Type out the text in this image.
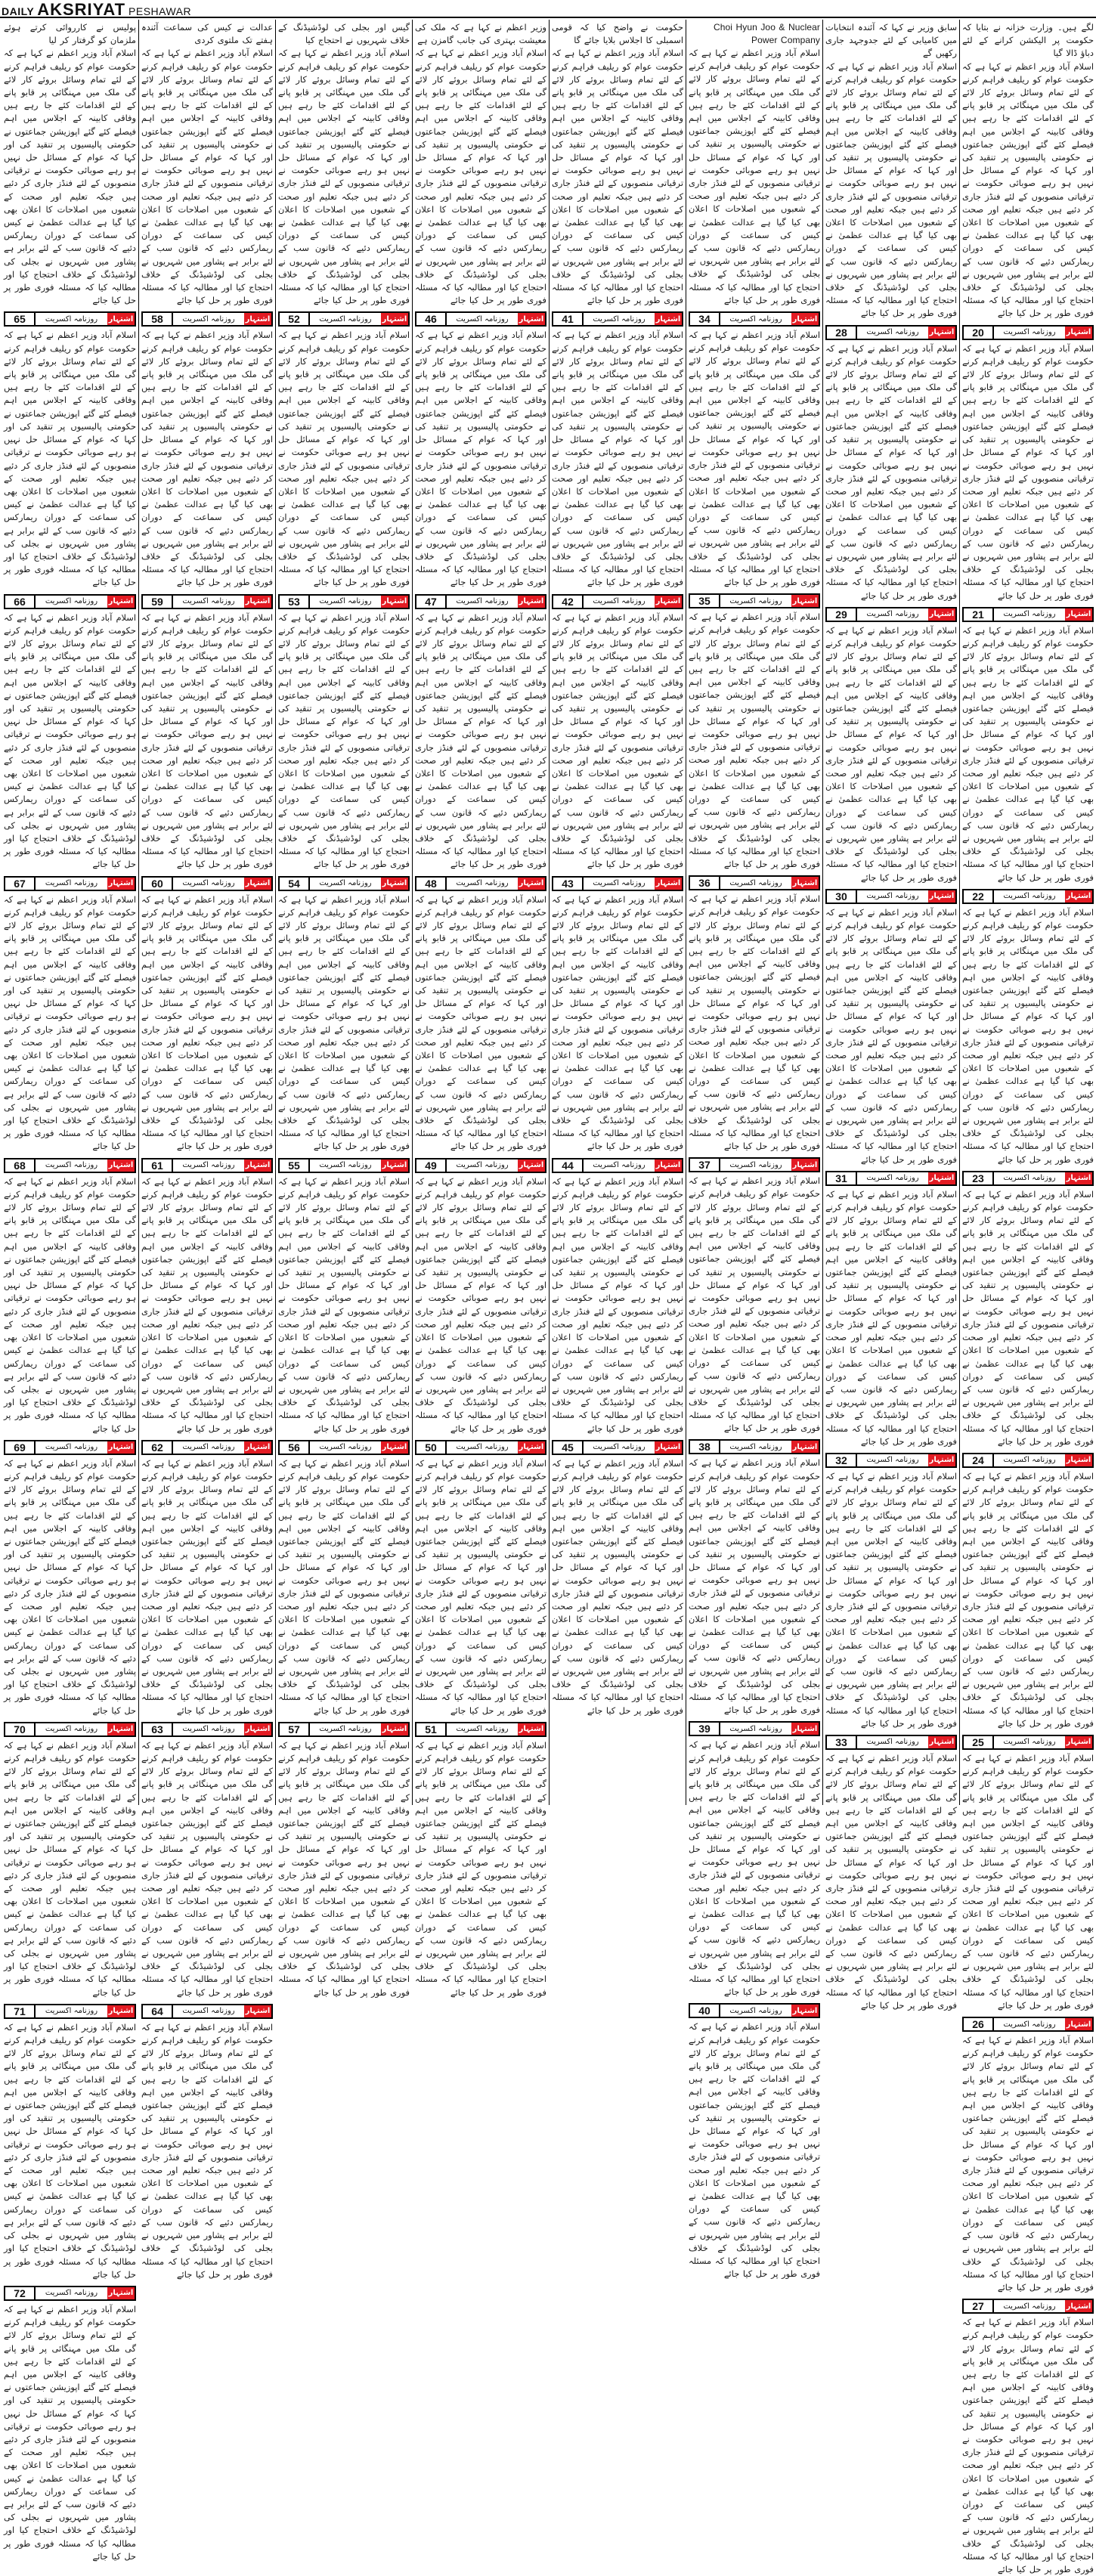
DAILY AKSRIYAT PESHAWAR
لگے ہیں۔ وزارت خزانہ نے بتایا کہ حکومت پر الیکشن کرانے کے لئے دباؤ ڈالا گیا
اسلام آباد وزیر اعظم نے کہا ہے کہ حکومت عوام کو ریلیف فراہم کرنے کے لئے تمام وسائل بروئے کار لائے گی ملک میں مہنگائی پر قابو پانے کے لئے اقدامات کئے جا رہے ہیں وفاقی کابینہ کے اجلاس میں اہم فیصلے کئے گئے اپوزیشن جماعتوں نے حکومتی پالیسیوں پر تنقید کی اور کہا کہ عوام کے مسائل حل نہیں ہو رہے صوبائی حکومت نے ترقیاتی منصوبوں کے لئے فنڈز جاری کر دئیے ہیں جبکہ تعلیم اور صحت کے شعبوں میں اصلاحات کا اعلان بھی کیا گیا ہے عدالت عظمیٰ نے کیس کی سماعت کے دوران ریمارکس دئیے کہ قانون سب کے لئے برابر ہے پشاور میں شہریوں نے بجلی کی لوڈشیڈنگ کے خلاف احتجاج کیا اور مطالبہ کیا کہ مسئلہ فوری طور پر حل کیا جائے
20	روزنامہ اکسریت	اشتہار
اسلام آباد وزیر اعظم نے کہا ہے کہ حکومت عوام کو ریلیف فراہم کرنے کے لئے تمام وسائل بروئے کار لائے گی ملک میں مہنگائی پر قابو پانے کے لئے اقدامات کئے جا رہے ہیں وفاقی کابینہ کے اجلاس میں اہم فیصلے کئے گئے اپوزیشن جماعتوں نے حکومتی پالیسیوں پر تنقید کی اور کہا کہ عوام کے مسائل حل نہیں ہو رہے صوبائی حکومت نے ترقیاتی منصوبوں کے لئے فنڈز جاری کر دئیے ہیں جبکہ تعلیم اور صحت کے شعبوں میں اصلاحات کا اعلان بھی کیا گیا ہے عدالت عظمیٰ نے کیس کی سماعت کے دوران ریمارکس دئیے کہ قانون سب کے لئے برابر ہے پشاور میں شہریوں نے بجلی کی لوڈشیڈنگ کے خلاف احتجاج کیا اور مطالبہ کیا کہ مسئلہ فوری طور پر حل کیا جائے
21	روزنامہ اکسریت	اشتہار
اسلام آباد وزیر اعظم نے کہا ہے کہ حکومت عوام کو ریلیف فراہم کرنے کے لئے تمام وسائل بروئے کار لائے گی ملک میں مہنگائی پر قابو پانے کے لئے اقدامات کئے جا رہے ہیں وفاقی کابینہ کے اجلاس میں اہم فیصلے کئے گئے اپوزیشن جماعتوں نے حکومتی پالیسیوں پر تنقید کی اور کہا کہ عوام کے مسائل حل نہیں ہو رہے صوبائی حکومت نے ترقیاتی منصوبوں کے لئے فنڈز جاری کر دئیے ہیں جبکہ تعلیم اور صحت کے شعبوں میں اصلاحات کا اعلان بھی کیا گیا ہے عدالت عظمیٰ نے کیس کی سماعت کے دوران ریمارکس دئیے کہ قانون سب کے لئے برابر ہے پشاور میں شہریوں نے بجلی کی لوڈشیڈنگ کے خلاف احتجاج کیا اور مطالبہ کیا کہ مسئلہ فوری طور پر حل کیا جائے
22	روزنامہ اکسریت	اشتہار
اسلام آباد وزیر اعظم نے کہا ہے کہ حکومت عوام کو ریلیف فراہم کرنے کے لئے تمام وسائل بروئے کار لائے گی ملک میں مہنگائی پر قابو پانے کے لئے اقدامات کئے جا رہے ہیں وفاقی کابینہ کے اجلاس میں اہم فیصلے کئے گئے اپوزیشن جماعتوں نے حکومتی پالیسیوں پر تنقید کی اور کہا کہ عوام کے مسائل حل نہیں ہو رہے صوبائی حکومت نے ترقیاتی منصوبوں کے لئے فنڈز جاری کر دئیے ہیں جبکہ تعلیم اور صحت کے شعبوں میں اصلاحات کا اعلان بھی کیا گیا ہے عدالت عظمیٰ نے کیس کی سماعت کے دوران ریمارکس دئیے کہ قانون سب کے لئے برابر ہے پشاور میں شہریوں نے بجلی کی لوڈشیڈنگ کے خلاف احتجاج کیا اور مطالبہ کیا کہ مسئلہ فوری طور پر حل کیا جائے
23	روزنامہ اکسریت	اشتہار
اسلام آباد وزیر اعظم نے کہا ہے کہ حکومت عوام کو ریلیف فراہم کرنے کے لئے تمام وسائل بروئے کار لائے گی ملک میں مہنگائی پر قابو پانے کے لئے اقدامات کئے جا رہے ہیں وفاقی کابینہ کے اجلاس میں اہم فیصلے کئے گئے اپوزیشن جماعتوں نے حکومتی پالیسیوں پر تنقید کی اور کہا کہ عوام کے مسائل حل نہیں ہو رہے صوبائی حکومت نے ترقیاتی منصوبوں کے لئے فنڈز جاری کر دئیے ہیں جبکہ تعلیم اور صحت کے شعبوں میں اصلاحات کا اعلان بھی کیا گیا ہے عدالت عظمیٰ نے کیس کی سماعت کے دوران ریمارکس دئیے کہ قانون سب کے لئے برابر ہے پشاور میں شہریوں نے بجلی کی لوڈشیڈنگ کے خلاف احتجاج کیا اور مطالبہ کیا کہ مسئلہ فوری طور پر حل کیا جائے
24	روزنامہ اکسریت	اشتہار
اسلام آباد وزیر اعظم نے کہا ہے کہ حکومت عوام کو ریلیف فراہم کرنے کے لئے تمام وسائل بروئے کار لائے گی ملک میں مہنگائی پر قابو پانے کے لئے اقدامات کئے جا رہے ہیں وفاقی کابینہ کے اجلاس میں اہم فیصلے کئے گئے اپوزیشن جماعتوں نے حکومتی پالیسیوں پر تنقید کی اور کہا کہ عوام کے مسائل حل نہیں ہو رہے صوبائی حکومت نے ترقیاتی منصوبوں کے لئے فنڈز جاری کر دئیے ہیں جبکہ تعلیم اور صحت کے شعبوں میں اصلاحات کا اعلان بھی کیا گیا ہے عدالت عظمیٰ نے کیس کی سماعت کے دوران ریمارکس دئیے کہ قانون سب کے لئے برابر ہے پشاور میں شہریوں نے بجلی کی لوڈشیڈنگ کے خلاف احتجاج کیا اور مطالبہ کیا کہ مسئلہ فوری طور پر حل کیا جائے
25	روزنامہ اکسریت	اشتہار
اسلام آباد وزیر اعظم نے کہا ہے کہ حکومت عوام کو ریلیف فراہم کرنے کے لئے تمام وسائل بروئے کار لائے گی ملک میں مہنگائی پر قابو پانے کے لئے اقدامات کئے جا رہے ہیں وفاقی کابینہ کے اجلاس میں اہم فیصلے کئے گئے اپوزیشن جماعتوں نے حکومتی پالیسیوں پر تنقید کی اور کہا کہ عوام کے مسائل حل نہیں ہو رہے صوبائی حکومت نے ترقیاتی منصوبوں کے لئے فنڈز جاری کر دئیے ہیں جبکہ تعلیم اور صحت کے شعبوں میں اصلاحات کا اعلان بھی کیا گیا ہے عدالت عظمیٰ نے کیس کی سماعت کے دوران ریمارکس دئیے کہ قانون سب کے لئے برابر ہے پشاور میں شہریوں نے بجلی کی لوڈشیڈنگ کے خلاف احتجاج کیا اور مطالبہ کیا کہ مسئلہ فوری طور پر حل کیا جائے
26	روزنامہ اکسریت	اشتہار
اسلام آباد وزیر اعظم نے کہا ہے کہ حکومت عوام کو ریلیف فراہم کرنے کے لئے تمام وسائل بروئے کار لائے گی ملک میں مہنگائی پر قابو پانے کے لئے اقدامات کئے جا رہے ہیں وفاقی کابینہ کے اجلاس میں اہم فیصلے کئے گئے اپوزیشن جماعتوں نے حکومتی پالیسیوں پر تنقید کی اور کہا کہ عوام کے مسائل حل نہیں ہو رہے صوبائی حکومت نے ترقیاتی منصوبوں کے لئے فنڈز جاری کر دئیے ہیں جبکہ تعلیم اور صحت کے شعبوں میں اصلاحات کا اعلان بھی کیا گیا ہے عدالت عظمیٰ نے کیس کی سماعت کے دوران ریمارکس دئیے کہ قانون سب کے لئے برابر ہے پشاور میں شہریوں نے بجلی کی لوڈشیڈنگ کے خلاف احتجاج کیا اور مطالبہ کیا کہ مسئلہ فوری طور پر حل کیا جائے
27	روزنامہ اکسریت	اشتہار
اسلام آباد وزیر اعظم نے کہا ہے کہ حکومت عوام کو ریلیف فراہم کرنے کے لئے تمام وسائل بروئے کار لائے گی ملک میں مہنگائی پر قابو پانے کے لئے اقدامات کئے جا رہے ہیں وفاقی کابینہ کے اجلاس میں اہم فیصلے کئے گئے اپوزیشن جماعتوں نے حکومتی پالیسیوں پر تنقید کی اور کہا کہ عوام کے مسائل حل نہیں ہو رہے صوبائی حکومت نے ترقیاتی منصوبوں کے لئے فنڈز جاری کر دئیے ہیں جبکہ تعلیم اور صحت کے شعبوں میں اصلاحات کا اعلان بھی کیا گیا ہے عدالت عظمیٰ نے کیس کی سماعت کے دوران ریمارکس دئیے کہ قانون سب کے لئے برابر ہے پشاور میں شہریوں نے بجلی کی لوڈشیڈنگ کے خلاف احتجاج کیا اور مطالبہ کیا کہ مسئلہ فوری طور پر حل کیا جائے
سابق وزیر نے کہا کہ آئندہ انتخابات میں کامیابی کے لئے جدوجہد جاری رکھیں گے
اسلام آباد وزیر اعظم نے کہا ہے کہ حکومت عوام کو ریلیف فراہم کرنے کے لئے تمام وسائل بروئے کار لائے گی ملک میں مہنگائی پر قابو پانے کے لئے اقدامات کئے جا رہے ہیں وفاقی کابینہ کے اجلاس میں اہم فیصلے کئے گئے اپوزیشن جماعتوں نے حکومتی پالیسیوں پر تنقید کی اور کہا کہ عوام کے مسائل حل نہیں ہو رہے صوبائی حکومت نے ترقیاتی منصوبوں کے لئے فنڈز جاری کر دئیے ہیں جبکہ تعلیم اور صحت کے شعبوں میں اصلاحات کا اعلان بھی کیا گیا ہے عدالت عظمیٰ نے کیس کی سماعت کے دوران ریمارکس دئیے کہ قانون سب کے لئے برابر ہے پشاور میں شہریوں نے بجلی کی لوڈشیڈنگ کے خلاف احتجاج کیا اور مطالبہ کیا کہ مسئلہ فوری طور پر حل کیا جائے
28	روزنامہ اکسریت	اشتہار
اسلام آباد وزیر اعظم نے کہا ہے کہ حکومت عوام کو ریلیف فراہم کرنے کے لئے تمام وسائل بروئے کار لائے گی ملک میں مہنگائی پر قابو پانے کے لئے اقدامات کئے جا رہے ہیں وفاقی کابینہ کے اجلاس میں اہم فیصلے کئے گئے اپوزیشن جماعتوں نے حکومتی پالیسیوں پر تنقید کی اور کہا کہ عوام کے مسائل حل نہیں ہو رہے صوبائی حکومت نے ترقیاتی منصوبوں کے لئے فنڈز جاری کر دئیے ہیں جبکہ تعلیم اور صحت کے شعبوں میں اصلاحات کا اعلان بھی کیا گیا ہے عدالت عظمیٰ نے کیس کی سماعت کے دوران ریمارکس دئیے کہ قانون سب کے لئے برابر ہے پشاور میں شہریوں نے بجلی کی لوڈشیڈنگ کے خلاف احتجاج کیا اور مطالبہ کیا کہ مسئلہ فوری طور پر حل کیا جائے
29	روزنامہ اکسریت	اشتہار
اسلام آباد وزیر اعظم نے کہا ہے کہ حکومت عوام کو ریلیف فراہم کرنے کے لئے تمام وسائل بروئے کار لائے گی ملک میں مہنگائی پر قابو پانے کے لئے اقدامات کئے جا رہے ہیں وفاقی کابینہ کے اجلاس میں اہم فیصلے کئے گئے اپوزیشن جماعتوں نے حکومتی پالیسیوں پر تنقید کی اور کہا کہ عوام کے مسائل حل نہیں ہو رہے صوبائی حکومت نے ترقیاتی منصوبوں کے لئے فنڈز جاری کر دئیے ہیں جبکہ تعلیم اور صحت کے شعبوں میں اصلاحات کا اعلان بھی کیا گیا ہے عدالت عظمیٰ نے کیس کی سماعت کے دوران ریمارکس دئیے کہ قانون سب کے لئے برابر ہے پشاور میں شہریوں نے بجلی کی لوڈشیڈنگ کے خلاف احتجاج کیا اور مطالبہ کیا کہ مسئلہ فوری طور پر حل کیا جائے
30	روزنامہ اکسریت	اشتہار
اسلام آباد وزیر اعظم نے کہا ہے کہ حکومت عوام کو ریلیف فراہم کرنے کے لئے تمام وسائل بروئے کار لائے گی ملک میں مہنگائی پر قابو پانے کے لئے اقدامات کئے جا رہے ہیں وفاقی کابینہ کے اجلاس میں اہم فیصلے کئے گئے اپوزیشن جماعتوں نے حکومتی پالیسیوں پر تنقید کی اور کہا کہ عوام کے مسائل حل نہیں ہو رہے صوبائی حکومت نے ترقیاتی منصوبوں کے لئے فنڈز جاری کر دئیے ہیں جبکہ تعلیم اور صحت کے شعبوں میں اصلاحات کا اعلان بھی کیا گیا ہے عدالت عظمیٰ نے کیس کی سماعت کے دوران ریمارکس دئیے کہ قانون سب کے لئے برابر ہے پشاور میں شہریوں نے بجلی کی لوڈشیڈنگ کے خلاف احتجاج کیا اور مطالبہ کیا کہ مسئلہ فوری طور پر حل کیا جائے
31	روزنامہ اکسریت	اشتہار
اسلام آباد وزیر اعظم نے کہا ہے کہ حکومت عوام کو ریلیف فراہم کرنے کے لئے تمام وسائل بروئے کار لائے گی ملک میں مہنگائی پر قابو پانے کے لئے اقدامات کئے جا رہے ہیں وفاقی کابینہ کے اجلاس میں اہم فیصلے کئے گئے اپوزیشن جماعتوں نے حکومتی پالیسیوں پر تنقید کی اور کہا کہ عوام کے مسائل حل نہیں ہو رہے صوبائی حکومت نے ترقیاتی منصوبوں کے لئے فنڈز جاری کر دئیے ہیں جبکہ تعلیم اور صحت کے شعبوں میں اصلاحات کا اعلان بھی کیا گیا ہے عدالت عظمیٰ نے کیس کی سماعت کے دوران ریمارکس دئیے کہ قانون سب کے لئے برابر ہے پشاور میں شہریوں نے بجلی کی لوڈشیڈنگ کے خلاف احتجاج کیا اور مطالبہ کیا کہ مسئلہ فوری طور پر حل کیا جائے
32	روزنامہ اکسریت	اشتہار
اسلام آباد وزیر اعظم نے کہا ہے کہ حکومت عوام کو ریلیف فراہم کرنے کے لئے تمام وسائل بروئے کار لائے گی ملک میں مہنگائی پر قابو پانے کے لئے اقدامات کئے جا رہے ہیں وفاقی کابینہ کے اجلاس میں اہم فیصلے کئے گئے اپوزیشن جماعتوں نے حکومتی پالیسیوں پر تنقید کی اور کہا کہ عوام کے مسائل حل نہیں ہو رہے صوبائی حکومت نے ترقیاتی منصوبوں کے لئے فنڈز جاری کر دئیے ہیں جبکہ تعلیم اور صحت کے شعبوں میں اصلاحات کا اعلان بھی کیا گیا ہے عدالت عظمیٰ نے کیس کی سماعت کے دوران ریمارکس دئیے کہ قانون سب کے لئے برابر ہے پشاور میں شہریوں نے بجلی کی لوڈشیڈنگ کے خلاف احتجاج کیا اور مطالبہ کیا کہ مسئلہ فوری طور پر حل کیا جائے
33	روزنامہ اکسریت	اشتہار
اسلام آباد وزیر اعظم نے کہا ہے کہ حکومت عوام کو ریلیف فراہم کرنے کے لئے تمام وسائل بروئے کار لائے گی ملک میں مہنگائی پر قابو پانے کے لئے اقدامات کئے جا رہے ہیں وفاقی کابینہ کے اجلاس میں اہم فیصلے کئے گئے اپوزیشن جماعتوں نے حکومتی پالیسیوں پر تنقید کی اور کہا کہ عوام کے مسائل حل نہیں ہو رہے صوبائی حکومت نے ترقیاتی منصوبوں کے لئے فنڈز جاری کر دئیے ہیں جبکہ تعلیم اور صحت کے شعبوں میں اصلاحات کا اعلان بھی کیا گیا ہے عدالت عظمیٰ نے کیس کی سماعت کے دوران ریمارکس دئیے کہ قانون سب کے لئے برابر ہے پشاور میں شہریوں نے بجلی کی لوڈشیڈنگ کے خلاف احتجاج کیا اور مطالبہ کیا کہ مسئلہ فوری طور پر حل کیا جائے
Choi Hyun Joo & Nuclear Power Company
اسلام آباد وزیر اعظم نے کہا ہے کہ حکومت عوام کو ریلیف فراہم کرنے کے لئے تمام وسائل بروئے کار لائے گی ملک میں مہنگائی پر قابو پانے کے لئے اقدامات کئے جا رہے ہیں وفاقی کابینہ کے اجلاس میں اہم فیصلے کئے گئے اپوزیشن جماعتوں نے حکومتی پالیسیوں پر تنقید کی اور کہا کہ عوام کے مسائل حل نہیں ہو رہے صوبائی حکومت نے ترقیاتی منصوبوں کے لئے فنڈز جاری کر دئیے ہیں جبکہ تعلیم اور صحت کے شعبوں میں اصلاحات کا اعلان بھی کیا گیا ہے عدالت عظمیٰ نے کیس کی سماعت کے دوران ریمارکس دئیے کہ قانون سب کے لئے برابر ہے پشاور میں شہریوں نے بجلی کی لوڈشیڈنگ کے خلاف احتجاج کیا اور مطالبہ کیا کہ مسئلہ فوری طور پر حل کیا جائے
34	روزنامہ اکسریت	اشتہار
اسلام آباد وزیر اعظم نے کہا ہے کہ حکومت عوام کو ریلیف فراہم کرنے کے لئے تمام وسائل بروئے کار لائے گی ملک میں مہنگائی پر قابو پانے کے لئے اقدامات کئے جا رہے ہیں وفاقی کابینہ کے اجلاس میں اہم فیصلے کئے گئے اپوزیشن جماعتوں نے حکومتی پالیسیوں پر تنقید کی اور کہا کہ عوام کے مسائل حل نہیں ہو رہے صوبائی حکومت نے ترقیاتی منصوبوں کے لئے فنڈز جاری کر دئیے ہیں جبکہ تعلیم اور صحت کے شعبوں میں اصلاحات کا اعلان بھی کیا گیا ہے عدالت عظمیٰ نے کیس کی سماعت کے دوران ریمارکس دئیے کہ قانون سب کے لئے برابر ہے پشاور میں شہریوں نے بجلی کی لوڈشیڈنگ کے خلاف احتجاج کیا اور مطالبہ کیا کہ مسئلہ فوری طور پر حل کیا جائے
35	روزنامہ اکسریت	اشتہار
اسلام آباد وزیر اعظم نے کہا ہے کہ حکومت عوام کو ریلیف فراہم کرنے کے لئے تمام وسائل بروئے کار لائے گی ملک میں مہنگائی پر قابو پانے کے لئے اقدامات کئے جا رہے ہیں وفاقی کابینہ کے اجلاس میں اہم فیصلے کئے گئے اپوزیشن جماعتوں نے حکومتی پالیسیوں پر تنقید کی اور کہا کہ عوام کے مسائل حل نہیں ہو رہے صوبائی حکومت نے ترقیاتی منصوبوں کے لئے فنڈز جاری کر دئیے ہیں جبکہ تعلیم اور صحت کے شعبوں میں اصلاحات کا اعلان بھی کیا گیا ہے عدالت عظمیٰ نے کیس کی سماعت کے دوران ریمارکس دئیے کہ قانون سب کے لئے برابر ہے پشاور میں شہریوں نے بجلی کی لوڈشیڈنگ کے خلاف احتجاج کیا اور مطالبہ کیا کہ مسئلہ فوری طور پر حل کیا جائے
36	روزنامہ اکسریت	اشتہار
اسلام آباد وزیر اعظم نے کہا ہے کہ حکومت عوام کو ریلیف فراہم کرنے کے لئے تمام وسائل بروئے کار لائے گی ملک میں مہنگائی پر قابو پانے کے لئے اقدامات کئے جا رہے ہیں وفاقی کابینہ کے اجلاس میں اہم فیصلے کئے گئے اپوزیشن جماعتوں نے حکومتی پالیسیوں پر تنقید کی اور کہا کہ عوام کے مسائل حل نہیں ہو رہے صوبائی حکومت نے ترقیاتی منصوبوں کے لئے فنڈز جاری کر دئیے ہیں جبکہ تعلیم اور صحت کے شعبوں میں اصلاحات کا اعلان بھی کیا گیا ہے عدالت عظمیٰ نے کیس کی سماعت کے دوران ریمارکس دئیے کہ قانون سب کے لئے برابر ہے پشاور میں شہریوں نے بجلی کی لوڈشیڈنگ کے خلاف احتجاج کیا اور مطالبہ کیا کہ مسئلہ فوری طور پر حل کیا جائے
37	روزنامہ اکسریت	اشتہار
اسلام آباد وزیر اعظم نے کہا ہے کہ حکومت عوام کو ریلیف فراہم کرنے کے لئے تمام وسائل بروئے کار لائے گی ملک میں مہنگائی پر قابو پانے کے لئے اقدامات کئے جا رہے ہیں وفاقی کابینہ کے اجلاس میں اہم فیصلے کئے گئے اپوزیشن جماعتوں نے حکومتی پالیسیوں پر تنقید کی اور کہا کہ عوام کے مسائل حل نہیں ہو رہے صوبائی حکومت نے ترقیاتی منصوبوں کے لئے فنڈز جاری کر دئیے ہیں جبکہ تعلیم اور صحت کے شعبوں میں اصلاحات کا اعلان بھی کیا گیا ہے عدالت عظمیٰ نے کیس کی سماعت کے دوران ریمارکس دئیے کہ قانون سب کے لئے برابر ہے پشاور میں شہریوں نے بجلی کی لوڈشیڈنگ کے خلاف احتجاج کیا اور مطالبہ کیا کہ مسئلہ فوری طور پر حل کیا جائے
38	روزنامہ اکسریت	اشتہار
اسلام آباد وزیر اعظم نے کہا ہے کہ حکومت عوام کو ریلیف فراہم کرنے کے لئے تمام وسائل بروئے کار لائے گی ملک میں مہنگائی پر قابو پانے کے لئے اقدامات کئے جا رہے ہیں وفاقی کابینہ کے اجلاس میں اہم فیصلے کئے گئے اپوزیشن جماعتوں نے حکومتی پالیسیوں پر تنقید کی اور کہا کہ عوام کے مسائل حل نہیں ہو رہے صوبائی حکومت نے ترقیاتی منصوبوں کے لئے فنڈز جاری کر دئیے ہیں جبکہ تعلیم اور صحت کے شعبوں میں اصلاحات کا اعلان بھی کیا گیا ہے عدالت عظمیٰ نے کیس کی سماعت کے دوران ریمارکس دئیے کہ قانون سب کے لئے برابر ہے پشاور میں شہریوں نے بجلی کی لوڈشیڈنگ کے خلاف احتجاج کیا اور مطالبہ کیا کہ مسئلہ فوری طور پر حل کیا جائے
39	روزنامہ اکسریت	اشتہار
اسلام آباد وزیر اعظم نے کہا ہے کہ حکومت عوام کو ریلیف فراہم کرنے کے لئے تمام وسائل بروئے کار لائے گی ملک میں مہنگائی پر قابو پانے کے لئے اقدامات کئے جا رہے ہیں وفاقی کابینہ کے اجلاس میں اہم فیصلے کئے گئے اپوزیشن جماعتوں نے حکومتی پالیسیوں پر تنقید کی اور کہا کہ عوام کے مسائل حل نہیں ہو رہے صوبائی حکومت نے ترقیاتی منصوبوں کے لئے فنڈز جاری کر دئیے ہیں جبکہ تعلیم اور صحت کے شعبوں میں اصلاحات کا اعلان بھی کیا گیا ہے عدالت عظمیٰ نے کیس کی سماعت کے دوران ریمارکس دئیے کہ قانون سب کے لئے برابر ہے پشاور میں شہریوں نے بجلی کی لوڈشیڈنگ کے خلاف احتجاج کیا اور مطالبہ کیا کہ مسئلہ فوری طور پر حل کیا جائے
40	روزنامہ اکسریت	اشتہار
اسلام آباد وزیر اعظم نے کہا ہے کہ حکومت عوام کو ریلیف فراہم کرنے کے لئے تمام وسائل بروئے کار لائے گی ملک میں مہنگائی پر قابو پانے کے لئے اقدامات کئے جا رہے ہیں وفاقی کابینہ کے اجلاس میں اہم فیصلے کئے گئے اپوزیشن جماعتوں نے حکومتی پالیسیوں پر تنقید کی اور کہا کہ عوام کے مسائل حل نہیں ہو رہے صوبائی حکومت نے ترقیاتی منصوبوں کے لئے فنڈز جاری کر دئیے ہیں جبکہ تعلیم اور صحت کے شعبوں میں اصلاحات کا اعلان بھی کیا گیا ہے عدالت عظمیٰ نے کیس کی سماعت کے دوران ریمارکس دئیے کہ قانون سب کے لئے برابر ہے پشاور میں شہریوں نے بجلی کی لوڈشیڈنگ کے خلاف احتجاج کیا اور مطالبہ کیا کہ مسئلہ فوری طور پر حل کیا جائے
حکومت نے واضح کیا کہ قومی اسمبلی کا اجلاس بلایا جائے گا
اسلام آباد وزیر اعظم نے کہا ہے کہ حکومت عوام کو ریلیف فراہم کرنے کے لئے تمام وسائل بروئے کار لائے گی ملک میں مہنگائی پر قابو پانے کے لئے اقدامات کئے جا رہے ہیں وفاقی کابینہ کے اجلاس میں اہم فیصلے کئے گئے اپوزیشن جماعتوں نے حکومتی پالیسیوں پر تنقید کی اور کہا کہ عوام کے مسائل حل نہیں ہو رہے صوبائی حکومت نے ترقیاتی منصوبوں کے لئے فنڈز جاری کر دئیے ہیں جبکہ تعلیم اور صحت کے شعبوں میں اصلاحات کا اعلان بھی کیا گیا ہے عدالت عظمیٰ نے کیس کی سماعت کے دوران ریمارکس دئیے کہ قانون سب کے لئے برابر ہے پشاور میں شہریوں نے بجلی کی لوڈشیڈنگ کے خلاف احتجاج کیا اور مطالبہ کیا کہ مسئلہ فوری طور پر حل کیا جائے
41	روزنامہ اکسریت	اشتہار
اسلام آباد وزیر اعظم نے کہا ہے کہ حکومت عوام کو ریلیف فراہم کرنے کے لئے تمام وسائل بروئے کار لائے گی ملک میں مہنگائی پر قابو پانے کے لئے اقدامات کئے جا رہے ہیں وفاقی کابینہ کے اجلاس میں اہم فیصلے کئے گئے اپوزیشن جماعتوں نے حکومتی پالیسیوں پر تنقید کی اور کہا کہ عوام کے مسائل حل نہیں ہو رہے صوبائی حکومت نے ترقیاتی منصوبوں کے لئے فنڈز جاری کر دئیے ہیں جبکہ تعلیم اور صحت کے شعبوں میں اصلاحات کا اعلان بھی کیا گیا ہے عدالت عظمیٰ نے کیس کی سماعت کے دوران ریمارکس دئیے کہ قانون سب کے لئے برابر ہے پشاور میں شہریوں نے بجلی کی لوڈشیڈنگ کے خلاف احتجاج کیا اور مطالبہ کیا کہ مسئلہ فوری طور پر حل کیا جائے
42	روزنامہ اکسریت	اشتہار
اسلام آباد وزیر اعظم نے کہا ہے کہ حکومت عوام کو ریلیف فراہم کرنے کے لئے تمام وسائل بروئے کار لائے گی ملک میں مہنگائی پر قابو پانے کے لئے اقدامات کئے جا رہے ہیں وفاقی کابینہ کے اجلاس میں اہم فیصلے کئے گئے اپوزیشن جماعتوں نے حکومتی پالیسیوں پر تنقید کی اور کہا کہ عوام کے مسائل حل نہیں ہو رہے صوبائی حکومت نے ترقیاتی منصوبوں کے لئے فنڈز جاری کر دئیے ہیں جبکہ تعلیم اور صحت کے شعبوں میں اصلاحات کا اعلان بھی کیا گیا ہے عدالت عظمیٰ نے کیس کی سماعت کے دوران ریمارکس دئیے کہ قانون سب کے لئے برابر ہے پشاور میں شہریوں نے بجلی کی لوڈشیڈنگ کے خلاف احتجاج کیا اور مطالبہ کیا کہ مسئلہ فوری طور پر حل کیا جائے
43	روزنامہ اکسریت	اشتہار
اسلام آباد وزیر اعظم نے کہا ہے کہ حکومت عوام کو ریلیف فراہم کرنے کے لئے تمام وسائل بروئے کار لائے گی ملک میں مہنگائی پر قابو پانے کے لئے اقدامات کئے جا رہے ہیں وفاقی کابینہ کے اجلاس میں اہم فیصلے کئے گئے اپوزیشن جماعتوں نے حکومتی پالیسیوں پر تنقید کی اور کہا کہ عوام کے مسائل حل نہیں ہو رہے صوبائی حکومت نے ترقیاتی منصوبوں کے لئے فنڈز جاری کر دئیے ہیں جبکہ تعلیم اور صحت کے شعبوں میں اصلاحات کا اعلان بھی کیا گیا ہے عدالت عظمیٰ نے کیس کی سماعت کے دوران ریمارکس دئیے کہ قانون سب کے لئے برابر ہے پشاور میں شہریوں نے بجلی کی لوڈشیڈنگ کے خلاف احتجاج کیا اور مطالبہ کیا کہ مسئلہ فوری طور پر حل کیا جائے
44	روزنامہ اکسریت	اشتہار
اسلام آباد وزیر اعظم نے کہا ہے کہ حکومت عوام کو ریلیف فراہم کرنے کے لئے تمام وسائل بروئے کار لائے گی ملک میں مہنگائی پر قابو پانے کے لئے اقدامات کئے جا رہے ہیں وفاقی کابینہ کے اجلاس میں اہم فیصلے کئے گئے اپوزیشن جماعتوں نے حکومتی پالیسیوں پر تنقید کی اور کہا کہ عوام کے مسائل حل نہیں ہو رہے صوبائی حکومت نے ترقیاتی منصوبوں کے لئے فنڈز جاری کر دئیے ہیں جبکہ تعلیم اور صحت کے شعبوں میں اصلاحات کا اعلان بھی کیا گیا ہے عدالت عظمیٰ نے کیس کی سماعت کے دوران ریمارکس دئیے کہ قانون سب کے لئے برابر ہے پشاور میں شہریوں نے بجلی کی لوڈشیڈنگ کے خلاف احتجاج کیا اور مطالبہ کیا کہ مسئلہ فوری طور پر حل کیا جائے
45	روزنامہ اکسریت	اشتہار
اسلام آباد وزیر اعظم نے کہا ہے کہ حکومت عوام کو ریلیف فراہم کرنے کے لئے تمام وسائل بروئے کار لائے گی ملک میں مہنگائی پر قابو پانے کے لئے اقدامات کئے جا رہے ہیں وفاقی کابینہ کے اجلاس میں اہم فیصلے کئے گئے اپوزیشن جماعتوں نے حکومتی پالیسیوں پر تنقید کی اور کہا کہ عوام کے مسائل حل نہیں ہو رہے صوبائی حکومت نے ترقیاتی منصوبوں کے لئے فنڈز جاری کر دئیے ہیں جبکہ تعلیم اور صحت کے شعبوں میں اصلاحات کا اعلان بھی کیا گیا ہے عدالت عظمیٰ نے کیس کی سماعت کے دوران ریمارکس دئیے کہ قانون سب کے لئے برابر ہے پشاور میں شہریوں نے بجلی کی لوڈشیڈنگ کے خلاف احتجاج کیا اور مطالبہ کیا کہ مسئلہ فوری طور پر حل کیا جائے
وزیر اعظم نے کہا ہے کہ ملک کی معیشت بہتری کی جانب گامزن ہے
اسلام آباد وزیر اعظم نے کہا ہے کہ حکومت عوام کو ریلیف فراہم کرنے کے لئے تمام وسائل بروئے کار لائے گی ملک میں مہنگائی پر قابو پانے کے لئے اقدامات کئے جا رہے ہیں وفاقی کابینہ کے اجلاس میں اہم فیصلے کئے گئے اپوزیشن جماعتوں نے حکومتی پالیسیوں پر تنقید کی اور کہا کہ عوام کے مسائل حل نہیں ہو رہے صوبائی حکومت نے ترقیاتی منصوبوں کے لئے فنڈز جاری کر دئیے ہیں جبکہ تعلیم اور صحت کے شعبوں میں اصلاحات کا اعلان بھی کیا گیا ہے عدالت عظمیٰ نے کیس کی سماعت کے دوران ریمارکس دئیے کہ قانون سب کے لئے برابر ہے پشاور میں شہریوں نے بجلی کی لوڈشیڈنگ کے خلاف احتجاج کیا اور مطالبہ کیا کہ مسئلہ فوری طور پر حل کیا جائے
46	روزنامہ اکسریت	اشتہار
اسلام آباد وزیر اعظم نے کہا ہے کہ حکومت عوام کو ریلیف فراہم کرنے کے لئے تمام وسائل بروئے کار لائے گی ملک میں مہنگائی پر قابو پانے کے لئے اقدامات کئے جا رہے ہیں وفاقی کابینہ کے اجلاس میں اہم فیصلے کئے گئے اپوزیشن جماعتوں نے حکومتی پالیسیوں پر تنقید کی اور کہا کہ عوام کے مسائل حل نہیں ہو رہے صوبائی حکومت نے ترقیاتی منصوبوں کے لئے فنڈز جاری کر دئیے ہیں جبکہ تعلیم اور صحت کے شعبوں میں اصلاحات کا اعلان بھی کیا گیا ہے عدالت عظمیٰ نے کیس کی سماعت کے دوران ریمارکس دئیے کہ قانون سب کے لئے برابر ہے پشاور میں شہریوں نے بجلی کی لوڈشیڈنگ کے خلاف احتجاج کیا اور مطالبہ کیا کہ مسئلہ فوری طور پر حل کیا جائے
47	روزنامہ اکسریت	اشتہار
اسلام آباد وزیر اعظم نے کہا ہے کہ حکومت عوام کو ریلیف فراہم کرنے کے لئے تمام وسائل بروئے کار لائے گی ملک میں مہنگائی پر قابو پانے کے لئے اقدامات کئے جا رہے ہیں وفاقی کابینہ کے اجلاس میں اہم فیصلے کئے گئے اپوزیشن جماعتوں نے حکومتی پالیسیوں پر تنقید کی اور کہا کہ عوام کے مسائل حل نہیں ہو رہے صوبائی حکومت نے ترقیاتی منصوبوں کے لئے فنڈز جاری کر دئیے ہیں جبکہ تعلیم اور صحت کے شعبوں میں اصلاحات کا اعلان بھی کیا گیا ہے عدالت عظمیٰ نے کیس کی سماعت کے دوران ریمارکس دئیے کہ قانون سب کے لئے برابر ہے پشاور میں شہریوں نے بجلی کی لوڈشیڈنگ کے خلاف احتجاج کیا اور مطالبہ کیا کہ مسئلہ فوری طور پر حل کیا جائے
48	روزنامہ اکسریت	اشتہار
اسلام آباد وزیر اعظم نے کہا ہے کہ حکومت عوام کو ریلیف فراہم کرنے کے لئے تمام وسائل بروئے کار لائے گی ملک میں مہنگائی پر قابو پانے کے لئے اقدامات کئے جا رہے ہیں وفاقی کابینہ کے اجلاس میں اہم فیصلے کئے گئے اپوزیشن جماعتوں نے حکومتی پالیسیوں پر تنقید کی اور کہا کہ عوام کے مسائل حل نہیں ہو رہے صوبائی حکومت نے ترقیاتی منصوبوں کے لئے فنڈز جاری کر دئیے ہیں جبکہ تعلیم اور صحت کے شعبوں میں اصلاحات کا اعلان بھی کیا گیا ہے عدالت عظمیٰ نے کیس کی سماعت کے دوران ریمارکس دئیے کہ قانون سب کے لئے برابر ہے پشاور میں شہریوں نے بجلی کی لوڈشیڈنگ کے خلاف احتجاج کیا اور مطالبہ کیا کہ مسئلہ فوری طور پر حل کیا جائے
49	روزنامہ اکسریت	اشتہار
اسلام آباد وزیر اعظم نے کہا ہے کہ حکومت عوام کو ریلیف فراہم کرنے کے لئے تمام وسائل بروئے کار لائے گی ملک میں مہنگائی پر قابو پانے کے لئے اقدامات کئے جا رہے ہیں وفاقی کابینہ کے اجلاس میں اہم فیصلے کئے گئے اپوزیشن جماعتوں نے حکومتی پالیسیوں پر تنقید کی اور کہا کہ عوام کے مسائل حل نہیں ہو رہے صوبائی حکومت نے ترقیاتی منصوبوں کے لئے فنڈز جاری کر دئیے ہیں جبکہ تعلیم اور صحت کے شعبوں میں اصلاحات کا اعلان بھی کیا گیا ہے عدالت عظمیٰ نے کیس کی سماعت کے دوران ریمارکس دئیے کہ قانون سب کے لئے برابر ہے پشاور میں شہریوں نے بجلی کی لوڈشیڈنگ کے خلاف احتجاج کیا اور مطالبہ کیا کہ مسئلہ فوری طور پر حل کیا جائے
50	روزنامہ اکسریت	اشتہار
اسلام آباد وزیر اعظم نے کہا ہے کہ حکومت عوام کو ریلیف فراہم کرنے کے لئے تمام وسائل بروئے کار لائے گی ملک میں مہنگائی پر قابو پانے کے لئے اقدامات کئے جا رہے ہیں وفاقی کابینہ کے اجلاس میں اہم فیصلے کئے گئے اپوزیشن جماعتوں نے حکومتی پالیسیوں پر تنقید کی اور کہا کہ عوام کے مسائل حل نہیں ہو رہے صوبائی حکومت نے ترقیاتی منصوبوں کے لئے فنڈز جاری کر دئیے ہیں جبکہ تعلیم اور صحت کے شعبوں میں اصلاحات کا اعلان بھی کیا گیا ہے عدالت عظمیٰ نے کیس کی سماعت کے دوران ریمارکس دئیے کہ قانون سب کے لئے برابر ہے پشاور میں شہریوں نے بجلی کی لوڈشیڈنگ کے خلاف احتجاج کیا اور مطالبہ کیا کہ مسئلہ فوری طور پر حل کیا جائے
51	روزنامہ اکسریت	اشتہار
اسلام آباد وزیر اعظم نے کہا ہے کہ حکومت عوام کو ریلیف فراہم کرنے کے لئے تمام وسائل بروئے کار لائے گی ملک میں مہنگائی پر قابو پانے کے لئے اقدامات کئے جا رہے ہیں وفاقی کابینہ کے اجلاس میں اہم فیصلے کئے گئے اپوزیشن جماعتوں نے حکومتی پالیسیوں پر تنقید کی اور کہا کہ عوام کے مسائل حل نہیں ہو رہے صوبائی حکومت نے ترقیاتی منصوبوں کے لئے فنڈز جاری کر دئیے ہیں جبکہ تعلیم اور صحت کے شعبوں میں اصلاحات کا اعلان بھی کیا گیا ہے عدالت عظمیٰ نے کیس کی سماعت کے دوران ریمارکس دئیے کہ قانون سب کے لئے برابر ہے پشاور میں شہریوں نے بجلی کی لوڈشیڈنگ کے خلاف احتجاج کیا اور مطالبہ کیا کہ مسئلہ فوری طور پر حل کیا جائے
گیس اور بجلی کی لوڈشیڈنگ کے خلاف شہریوں نے احتجاج کیا
اسلام آباد وزیر اعظم نے کہا ہے کہ حکومت عوام کو ریلیف فراہم کرنے کے لئے تمام وسائل بروئے کار لائے گی ملک میں مہنگائی پر قابو پانے کے لئے اقدامات کئے جا رہے ہیں وفاقی کابینہ کے اجلاس میں اہم فیصلے کئے گئے اپوزیشن جماعتوں نے حکومتی پالیسیوں پر تنقید کی اور کہا کہ عوام کے مسائل حل نہیں ہو رہے صوبائی حکومت نے ترقیاتی منصوبوں کے لئے فنڈز جاری کر دئیے ہیں جبکہ تعلیم اور صحت کے شعبوں میں اصلاحات کا اعلان بھی کیا گیا ہے عدالت عظمیٰ نے کیس کی سماعت کے دوران ریمارکس دئیے کہ قانون سب کے لئے برابر ہے پشاور میں شہریوں نے بجلی کی لوڈشیڈنگ کے خلاف احتجاج کیا اور مطالبہ کیا کہ مسئلہ فوری طور پر حل کیا جائے
52	روزنامہ اکسریت	اشتہار
اسلام آباد وزیر اعظم نے کہا ہے کہ حکومت عوام کو ریلیف فراہم کرنے کے لئے تمام وسائل بروئے کار لائے گی ملک میں مہنگائی پر قابو پانے کے لئے اقدامات کئے جا رہے ہیں وفاقی کابینہ کے اجلاس میں اہم فیصلے کئے گئے اپوزیشن جماعتوں نے حکومتی پالیسیوں پر تنقید کی اور کہا کہ عوام کے مسائل حل نہیں ہو رہے صوبائی حکومت نے ترقیاتی منصوبوں کے لئے فنڈز جاری کر دئیے ہیں جبکہ تعلیم اور صحت کے شعبوں میں اصلاحات کا اعلان بھی کیا گیا ہے عدالت عظمیٰ نے کیس کی سماعت کے دوران ریمارکس دئیے کہ قانون سب کے لئے برابر ہے پشاور میں شہریوں نے بجلی کی لوڈشیڈنگ کے خلاف احتجاج کیا اور مطالبہ کیا کہ مسئلہ فوری طور پر حل کیا جائے
53	روزنامہ اکسریت	اشتہار
اسلام آباد وزیر اعظم نے کہا ہے کہ حکومت عوام کو ریلیف فراہم کرنے کے لئے تمام وسائل بروئے کار لائے گی ملک میں مہنگائی پر قابو پانے کے لئے اقدامات کئے جا رہے ہیں وفاقی کابینہ کے اجلاس میں اہم فیصلے کئے گئے اپوزیشن جماعتوں نے حکومتی پالیسیوں پر تنقید کی اور کہا کہ عوام کے مسائل حل نہیں ہو رہے صوبائی حکومت نے ترقیاتی منصوبوں کے لئے فنڈز جاری کر دئیے ہیں جبکہ تعلیم اور صحت کے شعبوں میں اصلاحات کا اعلان بھی کیا گیا ہے عدالت عظمیٰ نے کیس کی سماعت کے دوران ریمارکس دئیے کہ قانون سب کے لئے برابر ہے پشاور میں شہریوں نے بجلی کی لوڈشیڈنگ کے خلاف احتجاج کیا اور مطالبہ کیا کہ مسئلہ فوری طور پر حل کیا جائے
54	روزنامہ اکسریت	اشتہار
اسلام آباد وزیر اعظم نے کہا ہے کہ حکومت عوام کو ریلیف فراہم کرنے کے لئے تمام وسائل بروئے کار لائے گی ملک میں مہنگائی پر قابو پانے کے لئے اقدامات کئے جا رہے ہیں وفاقی کابینہ کے اجلاس میں اہم فیصلے کئے گئے اپوزیشن جماعتوں نے حکومتی پالیسیوں پر تنقید کی اور کہا کہ عوام کے مسائل حل نہیں ہو رہے صوبائی حکومت نے ترقیاتی منصوبوں کے لئے فنڈز جاری کر دئیے ہیں جبکہ تعلیم اور صحت کے شعبوں میں اصلاحات کا اعلان بھی کیا گیا ہے عدالت عظمیٰ نے کیس کی سماعت کے دوران ریمارکس دئیے کہ قانون سب کے لئے برابر ہے پشاور میں شہریوں نے بجلی کی لوڈشیڈنگ کے خلاف احتجاج کیا اور مطالبہ کیا کہ مسئلہ فوری طور پر حل کیا جائے
55	روزنامہ اکسریت	اشتہار
اسلام آباد وزیر اعظم نے کہا ہے کہ حکومت عوام کو ریلیف فراہم کرنے کے لئے تمام وسائل بروئے کار لائے گی ملک میں مہنگائی پر قابو پانے کے لئے اقدامات کئے جا رہے ہیں وفاقی کابینہ کے اجلاس میں اہم فیصلے کئے گئے اپوزیشن جماعتوں نے حکومتی پالیسیوں پر تنقید کی اور کہا کہ عوام کے مسائل حل نہیں ہو رہے صوبائی حکومت نے ترقیاتی منصوبوں کے لئے فنڈز جاری کر دئیے ہیں جبکہ تعلیم اور صحت کے شعبوں میں اصلاحات کا اعلان بھی کیا گیا ہے عدالت عظمیٰ نے کیس کی سماعت کے دوران ریمارکس دئیے کہ قانون سب کے لئے برابر ہے پشاور میں شہریوں نے بجلی کی لوڈشیڈنگ کے خلاف احتجاج کیا اور مطالبہ کیا کہ مسئلہ فوری طور پر حل کیا جائے
56	روزنامہ اکسریت	اشتہار
اسلام آباد وزیر اعظم نے کہا ہے کہ حکومت عوام کو ریلیف فراہم کرنے کے لئے تمام وسائل بروئے کار لائے گی ملک میں مہنگائی پر قابو پانے کے لئے اقدامات کئے جا رہے ہیں وفاقی کابینہ کے اجلاس میں اہم فیصلے کئے گئے اپوزیشن جماعتوں نے حکومتی پالیسیوں پر تنقید کی اور کہا کہ عوام کے مسائل حل نہیں ہو رہے صوبائی حکومت نے ترقیاتی منصوبوں کے لئے فنڈز جاری کر دئیے ہیں جبکہ تعلیم اور صحت کے شعبوں میں اصلاحات کا اعلان بھی کیا گیا ہے عدالت عظمیٰ نے کیس کی سماعت کے دوران ریمارکس دئیے کہ قانون سب کے لئے برابر ہے پشاور میں شہریوں نے بجلی کی لوڈشیڈنگ کے خلاف احتجاج کیا اور مطالبہ کیا کہ مسئلہ فوری طور پر حل کیا جائے
57	روزنامہ اکسریت	اشتہار
اسلام آباد وزیر اعظم نے کہا ہے کہ حکومت عوام کو ریلیف فراہم کرنے کے لئے تمام وسائل بروئے کار لائے گی ملک میں مہنگائی پر قابو پانے کے لئے اقدامات کئے جا رہے ہیں وفاقی کابینہ کے اجلاس میں اہم فیصلے کئے گئے اپوزیشن جماعتوں نے حکومتی پالیسیوں پر تنقید کی اور کہا کہ عوام کے مسائل حل نہیں ہو رہے صوبائی حکومت نے ترقیاتی منصوبوں کے لئے فنڈز جاری کر دئیے ہیں جبکہ تعلیم اور صحت کے شعبوں میں اصلاحات کا اعلان بھی کیا گیا ہے عدالت عظمیٰ نے کیس کی سماعت کے دوران ریمارکس دئیے کہ قانون سب کے لئے برابر ہے پشاور میں شہریوں نے بجلی کی لوڈشیڈنگ کے خلاف احتجاج کیا اور مطالبہ کیا کہ مسئلہ فوری طور پر حل کیا جائے
عدالت نے کیس کی سماعت آئندہ ہفتے تک ملتوی کردی
اسلام آباد وزیر اعظم نے کہا ہے کہ حکومت عوام کو ریلیف فراہم کرنے کے لئے تمام وسائل بروئے کار لائے گی ملک میں مہنگائی پر قابو پانے کے لئے اقدامات کئے جا رہے ہیں وفاقی کابینہ کے اجلاس میں اہم فیصلے کئے گئے اپوزیشن جماعتوں نے حکومتی پالیسیوں پر تنقید کی اور کہا کہ عوام کے مسائل حل نہیں ہو رہے صوبائی حکومت نے ترقیاتی منصوبوں کے لئے فنڈز جاری کر دئیے ہیں جبکہ تعلیم اور صحت کے شعبوں میں اصلاحات کا اعلان بھی کیا گیا ہے عدالت عظمیٰ نے کیس کی سماعت کے دوران ریمارکس دئیے کہ قانون سب کے لئے برابر ہے پشاور میں شہریوں نے بجلی کی لوڈشیڈنگ کے خلاف احتجاج کیا اور مطالبہ کیا کہ مسئلہ فوری طور پر حل کیا جائے
58	روزنامہ اکسریت	اشتہار
اسلام آباد وزیر اعظم نے کہا ہے کہ حکومت عوام کو ریلیف فراہم کرنے کے لئے تمام وسائل بروئے کار لائے گی ملک میں مہنگائی پر قابو پانے کے لئے اقدامات کئے جا رہے ہیں وفاقی کابینہ کے اجلاس میں اہم فیصلے کئے گئے اپوزیشن جماعتوں نے حکومتی پالیسیوں پر تنقید کی اور کہا کہ عوام کے مسائل حل نہیں ہو رہے صوبائی حکومت نے ترقیاتی منصوبوں کے لئے فنڈز جاری کر دئیے ہیں جبکہ تعلیم اور صحت کے شعبوں میں اصلاحات کا اعلان بھی کیا گیا ہے عدالت عظمیٰ نے کیس کی سماعت کے دوران ریمارکس دئیے کہ قانون سب کے لئے برابر ہے پشاور میں شہریوں نے بجلی کی لوڈشیڈنگ کے خلاف احتجاج کیا اور مطالبہ کیا کہ مسئلہ فوری طور پر حل کیا جائے
59	روزنامہ اکسریت	اشتہار
اسلام آباد وزیر اعظم نے کہا ہے کہ حکومت عوام کو ریلیف فراہم کرنے کے لئے تمام وسائل بروئے کار لائے گی ملک میں مہنگائی پر قابو پانے کے لئے اقدامات کئے جا رہے ہیں وفاقی کابینہ کے اجلاس میں اہم فیصلے کئے گئے اپوزیشن جماعتوں نے حکومتی پالیسیوں پر تنقید کی اور کہا کہ عوام کے مسائل حل نہیں ہو رہے صوبائی حکومت نے ترقیاتی منصوبوں کے لئے فنڈز جاری کر دئیے ہیں جبکہ تعلیم اور صحت کے شعبوں میں اصلاحات کا اعلان بھی کیا گیا ہے عدالت عظمیٰ نے کیس کی سماعت کے دوران ریمارکس دئیے کہ قانون سب کے لئے برابر ہے پشاور میں شہریوں نے بجلی کی لوڈشیڈنگ کے خلاف احتجاج کیا اور مطالبہ کیا کہ مسئلہ فوری طور پر حل کیا جائے
60	روزنامہ اکسریت	اشتہار
اسلام آباد وزیر اعظم نے کہا ہے کہ حکومت عوام کو ریلیف فراہم کرنے کے لئے تمام وسائل بروئے کار لائے گی ملک میں مہنگائی پر قابو پانے کے لئے اقدامات کئے جا رہے ہیں وفاقی کابینہ کے اجلاس میں اہم فیصلے کئے گئے اپوزیشن جماعتوں نے حکومتی پالیسیوں پر تنقید کی اور کہا کہ عوام کے مسائل حل نہیں ہو رہے صوبائی حکومت نے ترقیاتی منصوبوں کے لئے فنڈز جاری کر دئیے ہیں جبکہ تعلیم اور صحت کے شعبوں میں اصلاحات کا اعلان بھی کیا گیا ہے عدالت عظمیٰ نے کیس کی سماعت کے دوران ریمارکس دئیے کہ قانون سب کے لئے برابر ہے پشاور میں شہریوں نے بجلی کی لوڈشیڈنگ کے خلاف احتجاج کیا اور مطالبہ کیا کہ مسئلہ فوری طور پر حل کیا جائے
61	روزنامہ اکسریت	اشتہار
اسلام آباد وزیر اعظم نے کہا ہے کہ حکومت عوام کو ریلیف فراہم کرنے کے لئے تمام وسائل بروئے کار لائے گی ملک میں مہنگائی پر قابو پانے کے لئے اقدامات کئے جا رہے ہیں وفاقی کابینہ کے اجلاس میں اہم فیصلے کئے گئے اپوزیشن جماعتوں نے حکومتی پالیسیوں پر تنقید کی اور کہا کہ عوام کے مسائل حل نہیں ہو رہے صوبائی حکومت نے ترقیاتی منصوبوں کے لئے فنڈز جاری کر دئیے ہیں جبکہ تعلیم اور صحت کے شعبوں میں اصلاحات کا اعلان بھی کیا گیا ہے عدالت عظمیٰ نے کیس کی سماعت کے دوران ریمارکس دئیے کہ قانون سب کے لئے برابر ہے پشاور میں شہریوں نے بجلی کی لوڈشیڈنگ کے خلاف احتجاج کیا اور مطالبہ کیا کہ مسئلہ فوری طور پر حل کیا جائے
62	روزنامہ اکسریت	اشتہار
اسلام آباد وزیر اعظم نے کہا ہے کہ حکومت عوام کو ریلیف فراہم کرنے کے لئے تمام وسائل بروئے کار لائے گی ملک میں مہنگائی پر قابو پانے کے لئے اقدامات کئے جا رہے ہیں وفاقی کابینہ کے اجلاس میں اہم فیصلے کئے گئے اپوزیشن جماعتوں نے حکومتی پالیسیوں پر تنقید کی اور کہا کہ عوام کے مسائل حل نہیں ہو رہے صوبائی حکومت نے ترقیاتی منصوبوں کے لئے فنڈز جاری کر دئیے ہیں جبکہ تعلیم اور صحت کے شعبوں میں اصلاحات کا اعلان بھی کیا گیا ہے عدالت عظمیٰ نے کیس کی سماعت کے دوران ریمارکس دئیے کہ قانون سب کے لئے برابر ہے پشاور میں شہریوں نے بجلی کی لوڈشیڈنگ کے خلاف احتجاج کیا اور مطالبہ کیا کہ مسئلہ فوری طور پر حل کیا جائے
63	روزنامہ اکسریت	اشتہار
اسلام آباد وزیر اعظم نے کہا ہے کہ حکومت عوام کو ریلیف فراہم کرنے کے لئے تمام وسائل بروئے کار لائے گی ملک میں مہنگائی پر قابو پانے کے لئے اقدامات کئے جا رہے ہیں وفاقی کابینہ کے اجلاس میں اہم فیصلے کئے گئے اپوزیشن جماعتوں نے حکومتی پالیسیوں پر تنقید کی اور کہا کہ عوام کے مسائل حل نہیں ہو رہے صوبائی حکومت نے ترقیاتی منصوبوں کے لئے فنڈز جاری کر دئیے ہیں جبکہ تعلیم اور صحت کے شعبوں میں اصلاحات کا اعلان بھی کیا گیا ہے عدالت عظمیٰ نے کیس کی سماعت کے دوران ریمارکس دئیے کہ قانون سب کے لئے برابر ہے پشاور میں شہریوں نے بجلی کی لوڈشیڈنگ کے خلاف احتجاج کیا اور مطالبہ کیا کہ مسئلہ فوری طور پر حل کیا جائے
64	روزنامہ اکسریت	اشتہار
اسلام آباد وزیر اعظم نے کہا ہے کہ حکومت عوام کو ریلیف فراہم کرنے کے لئے تمام وسائل بروئے کار لائے گی ملک میں مہنگائی پر قابو پانے کے لئے اقدامات کئے جا رہے ہیں وفاقی کابینہ کے اجلاس میں اہم فیصلے کئے گئے اپوزیشن جماعتوں نے حکومتی پالیسیوں پر تنقید کی اور کہا کہ عوام کے مسائل حل نہیں ہو رہے صوبائی حکومت نے ترقیاتی منصوبوں کے لئے فنڈز جاری کر دئیے ہیں جبکہ تعلیم اور صحت کے شعبوں میں اصلاحات کا اعلان بھی کیا گیا ہے عدالت عظمیٰ نے کیس کی سماعت کے دوران ریمارکس دئیے کہ قانون سب کے لئے برابر ہے پشاور میں شہریوں نے بجلی کی لوڈشیڈنگ کے خلاف احتجاج کیا اور مطالبہ کیا کہ مسئلہ فوری طور پر حل کیا جائے
پولیس نے کارروائی کرتے ہوئے ملزمان کو گرفتار کر لیا
اسلام آباد وزیر اعظم نے کہا ہے کہ حکومت عوام کو ریلیف فراہم کرنے کے لئے تمام وسائل بروئے کار لائے گی ملک میں مہنگائی پر قابو پانے کے لئے اقدامات کئے جا رہے ہیں وفاقی کابینہ کے اجلاس میں اہم فیصلے کئے گئے اپوزیشن جماعتوں نے حکومتی پالیسیوں پر تنقید کی اور کہا کہ عوام کے مسائل حل نہیں ہو رہے صوبائی حکومت نے ترقیاتی منصوبوں کے لئے فنڈز جاری کر دئیے ہیں جبکہ تعلیم اور صحت کے شعبوں میں اصلاحات کا اعلان بھی کیا گیا ہے عدالت عظمیٰ نے کیس کی سماعت کے دوران ریمارکس دئیے کہ قانون سب کے لئے برابر ہے پشاور میں شہریوں نے بجلی کی لوڈشیڈنگ کے خلاف احتجاج کیا اور مطالبہ کیا کہ مسئلہ فوری طور پر حل کیا جائے
65	روزنامہ اکسریت	اشتہار
اسلام آباد وزیر اعظم نے کہا ہے کہ حکومت عوام کو ریلیف فراہم کرنے کے لئے تمام وسائل بروئے کار لائے گی ملک میں مہنگائی پر قابو پانے کے لئے اقدامات کئے جا رہے ہیں وفاقی کابینہ کے اجلاس میں اہم فیصلے کئے گئے اپوزیشن جماعتوں نے حکومتی پالیسیوں پر تنقید کی اور کہا کہ عوام کے مسائل حل نہیں ہو رہے صوبائی حکومت نے ترقیاتی منصوبوں کے لئے فنڈز جاری کر دئیے ہیں جبکہ تعلیم اور صحت کے شعبوں میں اصلاحات کا اعلان بھی کیا گیا ہے عدالت عظمیٰ نے کیس کی سماعت کے دوران ریمارکس دئیے کہ قانون سب کے لئے برابر ہے پشاور میں شہریوں نے بجلی کی لوڈشیڈنگ کے خلاف احتجاج کیا اور مطالبہ کیا کہ مسئلہ فوری طور پر حل کیا جائے
66	روزنامہ اکسریت	اشتہار
اسلام آباد وزیر اعظم نے کہا ہے کہ حکومت عوام کو ریلیف فراہم کرنے کے لئے تمام وسائل بروئے کار لائے گی ملک میں مہنگائی پر قابو پانے کے لئے اقدامات کئے جا رہے ہیں وفاقی کابینہ کے اجلاس میں اہم فیصلے کئے گئے اپوزیشن جماعتوں نے حکومتی پالیسیوں پر تنقید کی اور کہا کہ عوام کے مسائل حل نہیں ہو رہے صوبائی حکومت نے ترقیاتی منصوبوں کے لئے فنڈز جاری کر دئیے ہیں جبکہ تعلیم اور صحت کے شعبوں میں اصلاحات کا اعلان بھی کیا گیا ہے عدالت عظمیٰ نے کیس کی سماعت کے دوران ریمارکس دئیے کہ قانون سب کے لئے برابر ہے پشاور میں شہریوں نے بجلی کی لوڈشیڈنگ کے خلاف احتجاج کیا اور مطالبہ کیا کہ مسئلہ فوری طور پر حل کیا جائے
67	روزنامہ اکسریت	اشتہار
اسلام آباد وزیر اعظم نے کہا ہے کہ حکومت عوام کو ریلیف فراہم کرنے کے لئے تمام وسائل بروئے کار لائے گی ملک میں مہنگائی پر قابو پانے کے لئے اقدامات کئے جا رہے ہیں وفاقی کابینہ کے اجلاس میں اہم فیصلے کئے گئے اپوزیشن جماعتوں نے حکومتی پالیسیوں پر تنقید کی اور کہا کہ عوام کے مسائل حل نہیں ہو رہے صوبائی حکومت نے ترقیاتی منصوبوں کے لئے فنڈز جاری کر دئیے ہیں جبکہ تعلیم اور صحت کے شعبوں میں اصلاحات کا اعلان بھی کیا گیا ہے عدالت عظمیٰ نے کیس کی سماعت کے دوران ریمارکس دئیے کہ قانون سب کے لئے برابر ہے پشاور میں شہریوں نے بجلی کی لوڈشیڈنگ کے خلاف احتجاج کیا اور مطالبہ کیا کہ مسئلہ فوری طور پر حل کیا جائے
68	روزنامہ اکسریت	اشتہار
اسلام آباد وزیر اعظم نے کہا ہے کہ حکومت عوام کو ریلیف فراہم کرنے کے لئے تمام وسائل بروئے کار لائے گی ملک میں مہنگائی پر قابو پانے کے لئے اقدامات کئے جا رہے ہیں وفاقی کابینہ کے اجلاس میں اہم فیصلے کئے گئے اپوزیشن جماعتوں نے حکومتی پالیسیوں پر تنقید کی اور کہا کہ عوام کے مسائل حل نہیں ہو رہے صوبائی حکومت نے ترقیاتی منصوبوں کے لئے فنڈز جاری کر دئیے ہیں جبکہ تعلیم اور صحت کے شعبوں میں اصلاحات کا اعلان بھی کیا گیا ہے عدالت عظمیٰ نے کیس کی سماعت کے دوران ریمارکس دئیے کہ قانون سب کے لئے برابر ہے پشاور میں شہریوں نے بجلی کی لوڈشیڈنگ کے خلاف احتجاج کیا اور مطالبہ کیا کہ مسئلہ فوری طور پر حل کیا جائے
69	روزنامہ اکسریت	اشتہار
اسلام آباد وزیر اعظم نے کہا ہے کہ حکومت عوام کو ریلیف فراہم کرنے کے لئے تمام وسائل بروئے کار لائے گی ملک میں مہنگائی پر قابو پانے کے لئے اقدامات کئے جا رہے ہیں وفاقی کابینہ کے اجلاس میں اہم فیصلے کئے گئے اپوزیشن جماعتوں نے حکومتی پالیسیوں پر تنقید کی اور کہا کہ عوام کے مسائل حل نہیں ہو رہے صوبائی حکومت نے ترقیاتی منصوبوں کے لئے فنڈز جاری کر دئیے ہیں جبکہ تعلیم اور صحت کے شعبوں میں اصلاحات کا اعلان بھی کیا گیا ہے عدالت عظمیٰ نے کیس کی سماعت کے دوران ریمارکس دئیے کہ قانون سب کے لئے برابر ہے پشاور میں شہریوں نے بجلی کی لوڈشیڈنگ کے خلاف احتجاج کیا اور مطالبہ کیا کہ مسئلہ فوری طور پر حل کیا جائے
70	روزنامہ اکسریت	اشتہار
اسلام آباد وزیر اعظم نے کہا ہے کہ حکومت عوام کو ریلیف فراہم کرنے کے لئے تمام وسائل بروئے کار لائے گی ملک میں مہنگائی پر قابو پانے کے لئے اقدامات کئے جا رہے ہیں وفاقی کابینہ کے اجلاس میں اہم فیصلے کئے گئے اپوزیشن جماعتوں نے حکومتی پالیسیوں پر تنقید کی اور کہا کہ عوام کے مسائل حل نہیں ہو رہے صوبائی حکومت نے ترقیاتی منصوبوں کے لئے فنڈز جاری کر دئیے ہیں جبکہ تعلیم اور صحت کے شعبوں میں اصلاحات کا اعلان بھی کیا گیا ہے عدالت عظمیٰ نے کیس کی سماعت کے دوران ریمارکس دئیے کہ قانون سب کے لئے برابر ہے پشاور میں شہریوں نے بجلی کی لوڈشیڈنگ کے خلاف احتجاج کیا اور مطالبہ کیا کہ مسئلہ فوری طور پر حل کیا جائے
71	روزنامہ اکسریت	اشتہار
اسلام آباد وزیر اعظم نے کہا ہے کہ حکومت عوام کو ریلیف فراہم کرنے کے لئے تمام وسائل بروئے کار لائے گی ملک میں مہنگائی پر قابو پانے کے لئے اقدامات کئے جا رہے ہیں وفاقی کابینہ کے اجلاس میں اہم فیصلے کئے گئے اپوزیشن جماعتوں نے حکومتی پالیسیوں پر تنقید کی اور کہا کہ عوام کے مسائل حل نہیں ہو رہے صوبائی حکومت نے ترقیاتی منصوبوں کے لئے فنڈز جاری کر دئیے ہیں جبکہ تعلیم اور صحت کے شعبوں میں اصلاحات کا اعلان بھی کیا گیا ہے عدالت عظمیٰ نے کیس کی سماعت کے دوران ریمارکس دئیے کہ قانون سب کے لئے برابر ہے پشاور میں شہریوں نے بجلی کی لوڈشیڈنگ کے خلاف احتجاج کیا اور مطالبہ کیا کہ مسئلہ فوری طور پر حل کیا جائے
72	روزنامہ اکسریت	اشتہار
اسلام آباد وزیر اعظم نے کہا ہے کہ حکومت عوام کو ریلیف فراہم کرنے کے لئے تمام وسائل بروئے کار لائے گی ملک میں مہنگائی پر قابو پانے کے لئے اقدامات کئے جا رہے ہیں وفاقی کابینہ کے اجلاس میں اہم فیصلے کئے گئے اپوزیشن جماعتوں نے حکومتی پالیسیوں پر تنقید کی اور کہا کہ عوام کے مسائل حل نہیں ہو رہے صوبائی حکومت نے ترقیاتی منصوبوں کے لئے فنڈز جاری کر دئیے ہیں جبکہ تعلیم اور صحت کے شعبوں میں اصلاحات کا اعلان بھی کیا گیا ہے عدالت عظمیٰ نے کیس کی سماعت کے دوران ریمارکس دئیے کہ قانون سب کے لئے برابر ہے پشاور میں شہریوں نے بجلی کی لوڈشیڈنگ کے خلاف احتجاج کیا اور مطالبہ کیا کہ مسئلہ فوری طور پر حل کیا جائے
